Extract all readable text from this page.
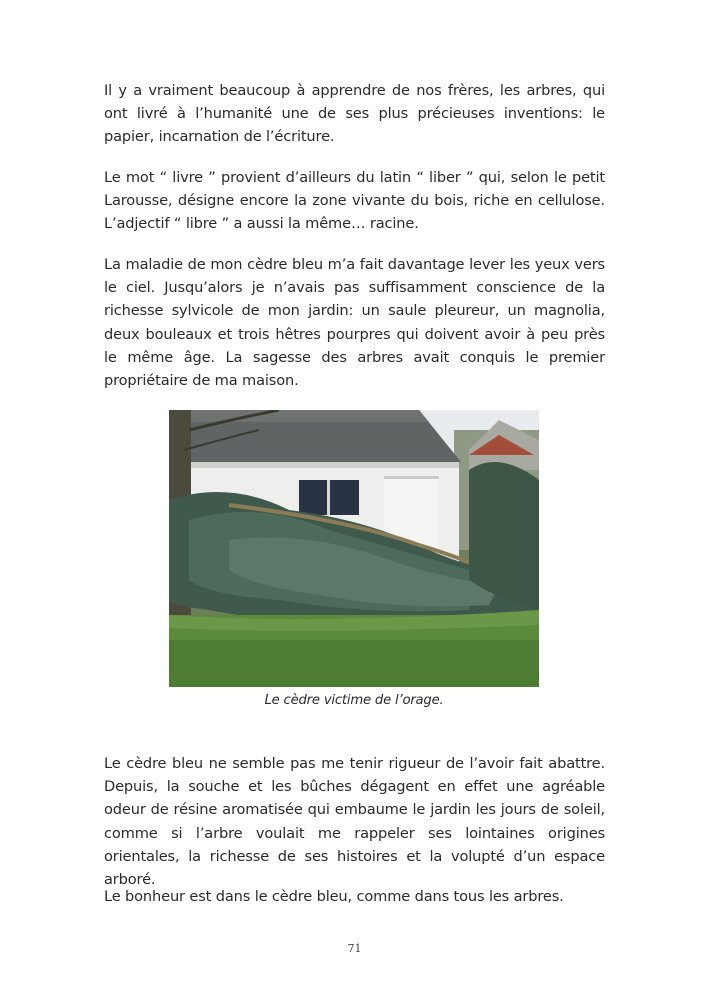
Il y a vraiment beaucoup à apprendre de nos frères, les arbres, qui ont livré à l’humanité une de ses plus précieuses inventions: le papier, incarnation de l’écriture.

Le mot “ livre ” provient d’ailleurs du latin “ liber ” qui, selon le petit Larousse, désigne encore la zone vivante du bois, riche en cellulose. L’adjectif “ libre ” a aussi la même… racine.

La maladie de mon cèdre bleu m’a fait davantage lever les yeux vers le ciel. Jusqu’alors je n’avais pas suffisamment conscience de la richesse sylvicole de mon jardin: un saule pleureur, un magnolia, deux bouleaux et trois hêtres pourpres qui doivent avoir à peu près le même âge. La sagesse des arbres avait conquis le premier propriétaire de ma maison.

Le cèdre victime de l’orage.

Le cèdre bleu ne semble pas me tenir rigueur de l’avoir fait abattre. Depuis, la souche et les bûches dégagent en effet une agréable odeur de résine aromatisée qui embaume le jardin les jours de soleil, comme si l’arbre voulait me rappeler ses lointaines origines orientales, la richesse de ses histoires et la volupté d’un espace arboré.

Le bonheur est dans le cèdre bleu, comme dans tous les arbres.

71
